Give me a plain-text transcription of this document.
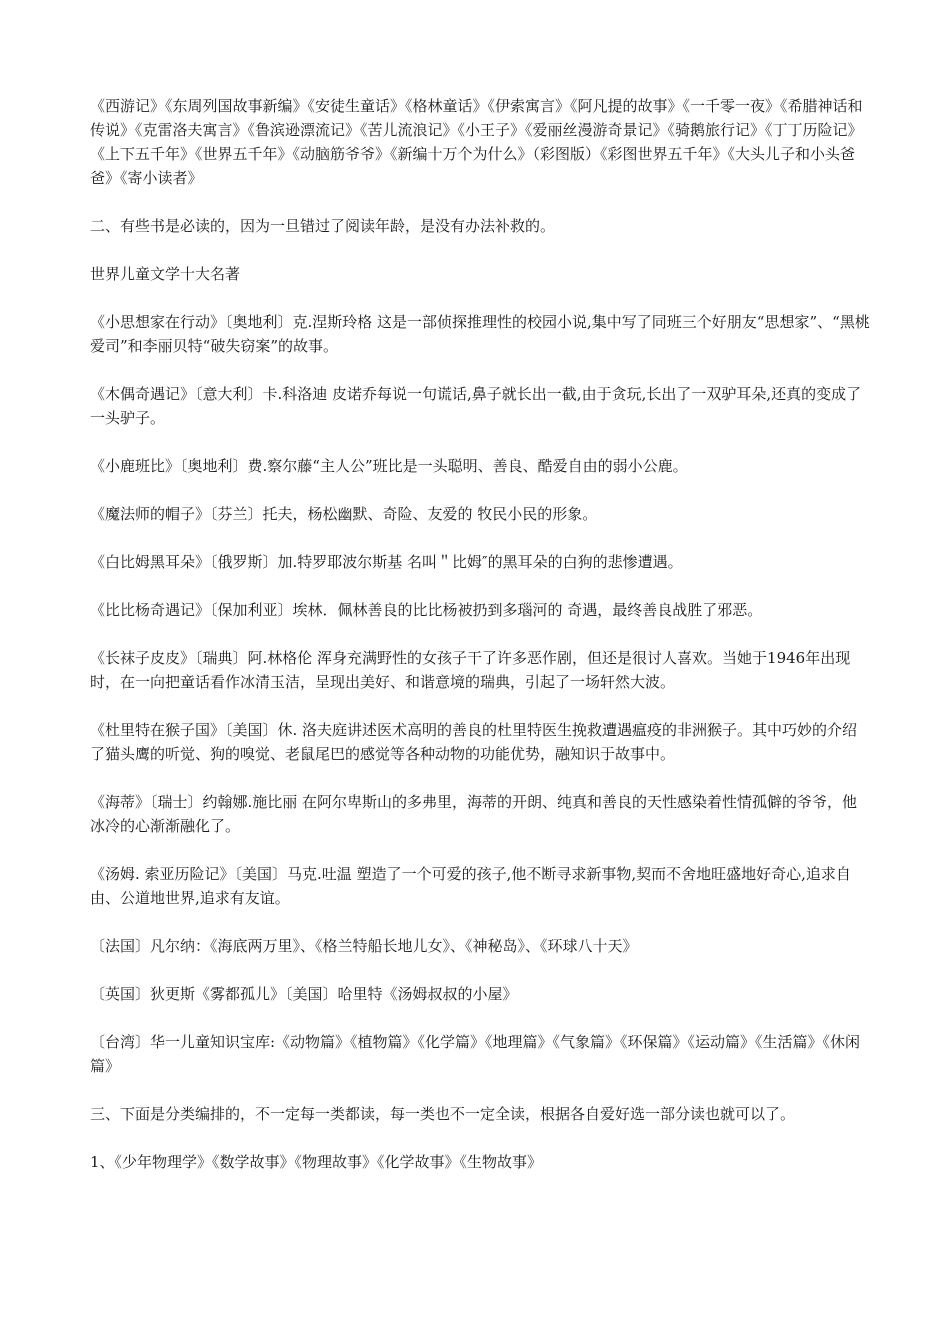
《西游记》《东周列国故事新编》《安徒生童话》《格林童话》《伊索寓言》《阿凡提的故事》《一千零一夜》《希腊神话和传说》《克雷洛夫寓言》《鲁滨逊漂流记》《苦儿流浪记》《小王子》《爱丽丝漫游奇景记》《骑鹅旅行记》《丁丁历险记》《上下五千年》《世界五千年》《动脑筋爷爷》《新编十万个为什么》（彩图版）《彩图世界五千年》《大头儿子和小头爸爸》《寄小读者》

二、有些书是必读的，因为一旦错过了阅读年龄，是没有办法补救的。

世界儿童文学十大名著

《小思想家在行动》〔奥地利〕克.涅斯玲格 这是一部侦探推理性的校园小说,集中写了同班三个好朋友“思想家”、“黑桃爱司”和李丽贝特“破失窃案”的故事。

《木偶奇遇记》〔意大利〕卡.科洛迪 皮诺乔每说一句谎话,鼻子就长出一截,由于贪玩,长出了一双驴耳朵,还真的变成了一头驴子。

《小鹿班比》〔奥地利〕费.察尔藤“主人公”班比是一头聪明、善良、酷爱自由的弱小公鹿。

《魔法师的帽子》〔芬兰〕托夫，杨松幽默、奇险、友爱的 牧民小民的形象。

《白比姆黑耳朵》〔俄罗斯〕加.特罗耶波尔斯基 名叫＂比姆″的黑耳朵的白狗的悲惨遭遇。

《比比杨奇遇记》〔保加利亚〕埃林．佩林善良的比比杨被扔到多瑙河的 奇遇，最终善良战胜了邪恶。

《长袜子皮皮》〔瑞典〕阿.林格伦 浑身充满野性的女孩子干了许多恶作剧，但还是很讨人喜欢。当她于1946年出现时，在一向把童话看作冰清玉洁，呈现出美好、和谐意境的瑞典，引起了一场轩然大波。

《杜里特在猴子国》〔美国〕休. 洛夫庭讲述医术高明的善良的杜里特医生挽救遭遇瘟疫的非洲猴子。其中巧妙的介绍了猫头鹰的听觉、狗的嗅觉、老鼠尾巴的感觉等各种动物的功能优势，融知识于故事中。

《海蒂》〔瑞士〕约翰娜.施比丽 在阿尔卑斯山的多弗里，海蒂的开朗、纯真和善良的天性感染着性情孤僻的爷爷，他冰冷的心渐渐融化了。

《汤姆. 索亚历险记》〔美国〕马克.吐温 塑造了一个可爱的孩子,他不断寻求新事物,契而不舍地旺盛地好奇心,追求自由、公道地世界,追求有友谊。

〔法国〕凡尔纳：《海底两万里》、《格兰特船长地儿女》、《神秘岛》、《环球八十天》

〔英国〕狄更斯《雾都孤儿》〔美国〕哈里特《汤姆叔叔的小屋》

〔台湾〕华一儿童知识宝库:《动物篇》《植物篇》《化学篇》《地理篇》《气象篇》《环保篇》《运动篇》《生活篇》《休闲篇》

三、下面是分类编排的，不一定每一类都读，每一类也不一定全读，根据各自爱好选一部分读也就可以了。

1、《少年物理学》《数学故事》《物理故事》《化学故事》《生物故事》
